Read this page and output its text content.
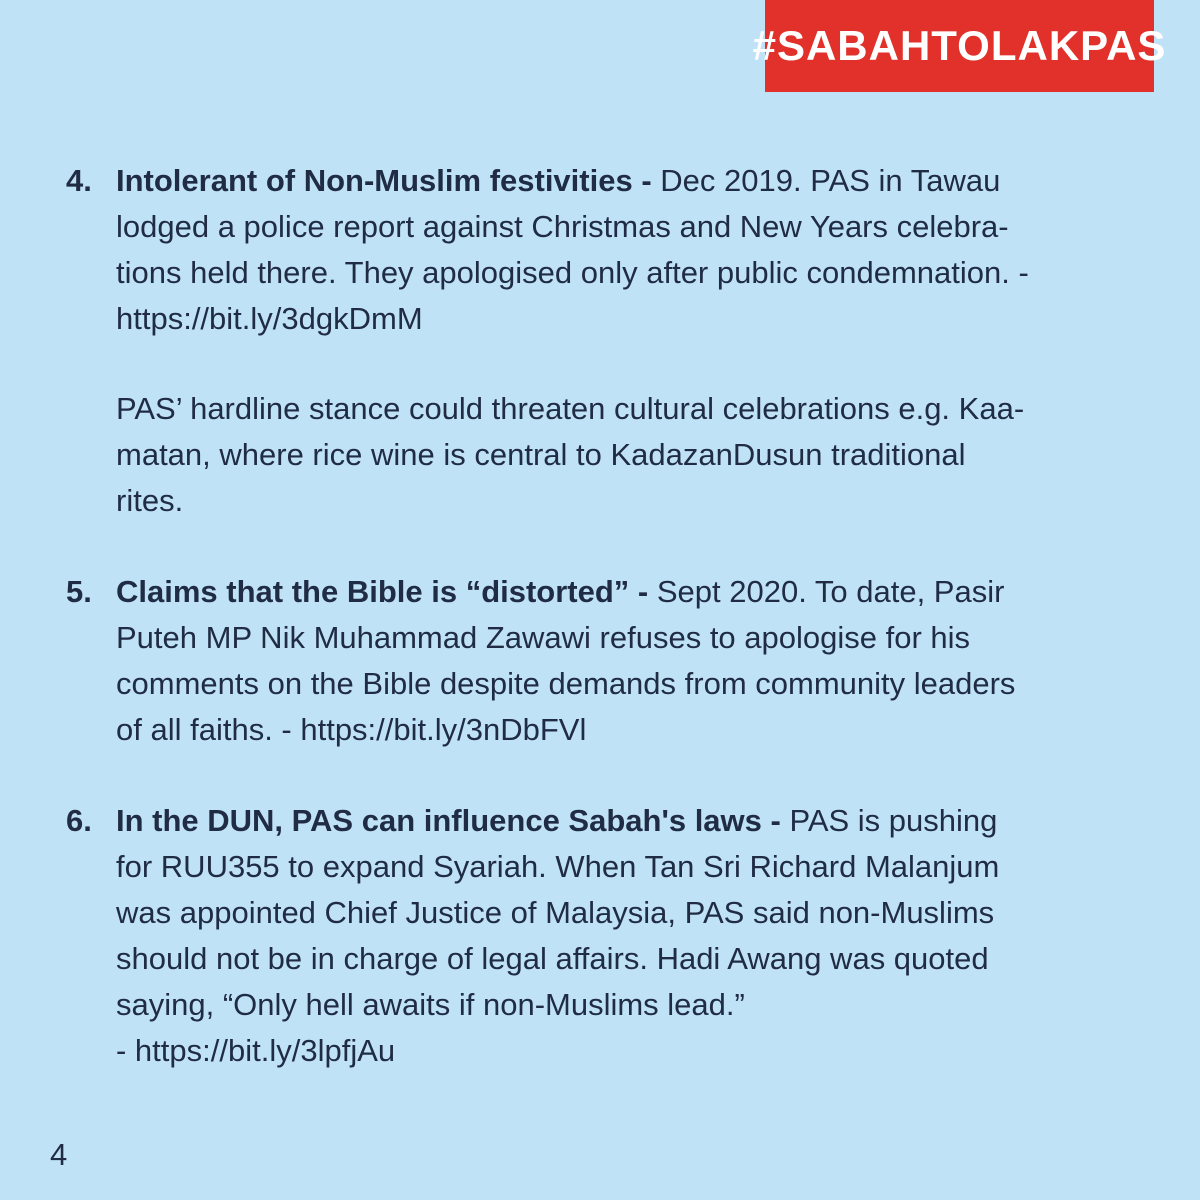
#SABAHTOLAKPAS
4. Intolerant of Non-Muslim festivities - Dec 2019. PAS in Tawau
lodged a police report against Christmas and New Years celebra-
tions held there. They apologised only after public condemnation. -
https://bit.ly/3dgkDmM
PAS’ hardline stance could threaten cultural celebrations e.g. Kaa-
matan, where rice wine is central to KadazanDusun traditional
rites.
5. Claims that the Bible is “distorted” - Sept 2020. To date, Pasir
Puteh MP Nik Muhammad Zawawi refuses to apologise for his
comments on the Bible despite demands from community leaders
of all faiths. - https://bit.ly/3nDbFVl
6. In the DUN, PAS can influence Sabah's laws - PAS is pushing
for RUU355 to expand Syariah. When Tan Sri Richard Malanjum
was appointed Chief Justice of Malaysia, PAS said non-Muslims
should not be in charge of legal affairs. Hadi Awang was quoted
saying, “Only hell awaits if non-Muslims lead.”
- https://bit.ly/3lpfjAu
4
